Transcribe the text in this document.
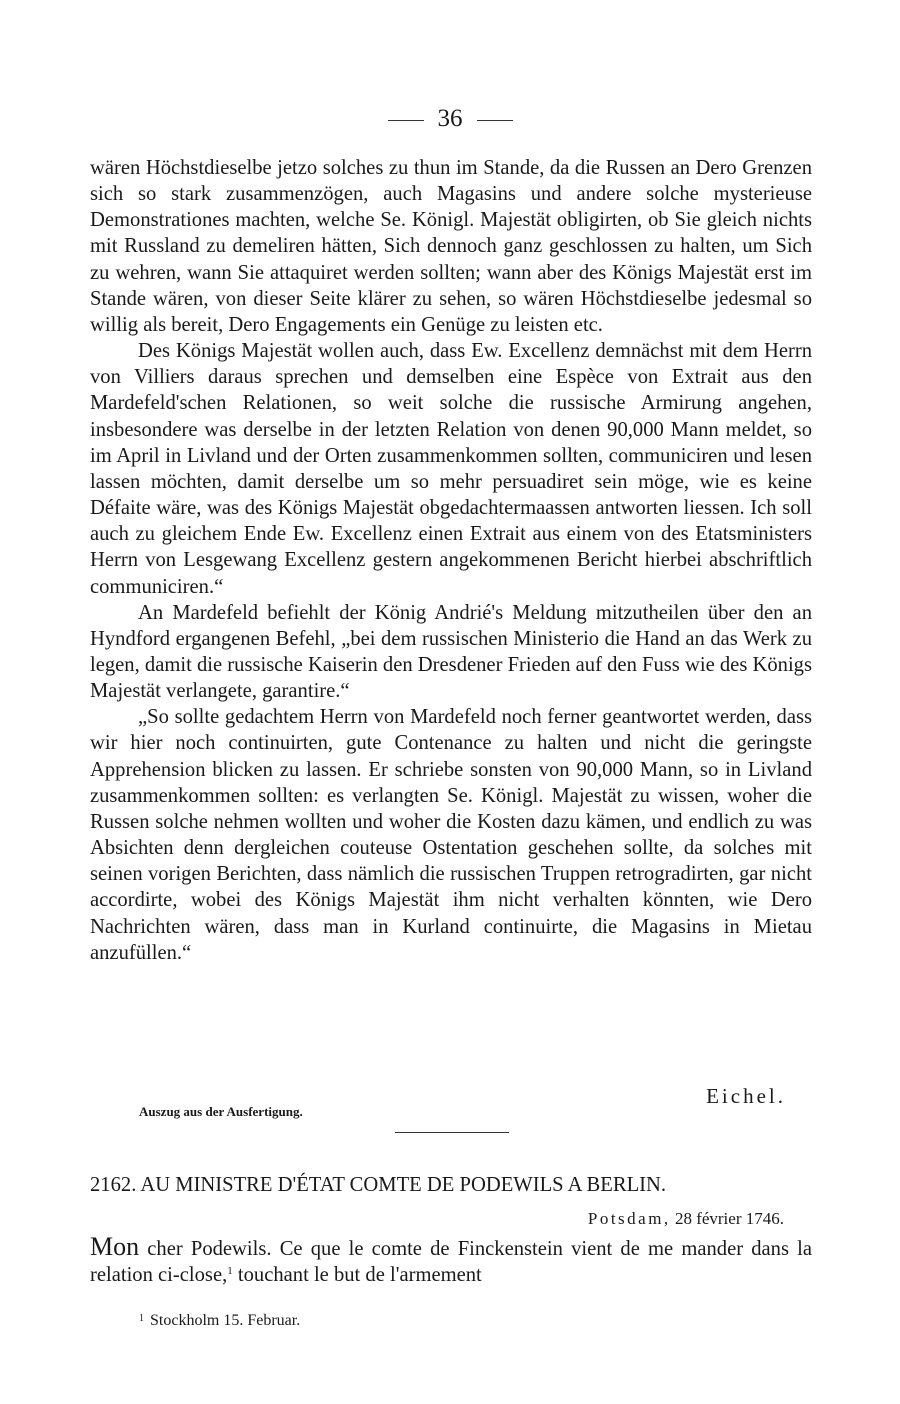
36

wären Höchstdieselbe jetzo solches zu thun im Stande, da die Russen an Dero Grenzen sich so stark zusammenzögen, auch Magasins und andere solche mysterieuse Demonstrationes machten, welche Se. Königl. Majestät obligirten, ob Sie gleich nichts mit Russland zu demeliren hätten, Sich dennoch ganz geschlossen zu halten, um Sich zu wehren, wann Sie attaquiret werden sollten; wann aber des Königs Majestät erst im Stande wären, von dieser Seite klärer zu sehen, so wären Höchstdieselbe jedesmal so willig als bereit, Dero Engagements ein Genüge zu leisten etc.

Des Königs Majestät wollen auch, dass Ew. Excellenz demnächst mit dem Herrn von Villiers daraus sprechen und demselben eine Espèce von Extrait aus den Mardefeld'schen Relationen, so weit solche die russische Armirung angehen, insbesondere was derselbe in der letzten Relation von denen 90,000 Mann meldet, so im April in Livland und der Orten zusammenkommen sollten, communiciren und lesen lassen möchten, damit derselbe um so mehr persuadiret sein möge, wie es keine Défaite wäre, was des Königs Majestät obgedachtermaassen antworten liessen. Ich soll auch zu gleichem Ende Ew. Excellenz einen Extrait aus einem von des Etatsministers Herrn von Lesgewang Excellenz gestern angekommenen Bericht hierbei abschriftlich communiciren.“

An Mardefeld befiehlt der König Andrié's Meldung mitzutheilen über den an Hyndford ergangenen Befehl, „bei dem russischen Ministerio die Hand an das Werk zu legen, damit die russische Kaiserin den Dresdener Frieden auf den Fuss wie des Königs Majestät verlangete, garantire.“

„So sollte gedachtem Herrn von Mardefeld noch ferner geantwortet werden, dass wir hier noch continuirten, gute Contenance zu halten und nicht die geringste Apprehension blicken zu lassen. Er schriebe sonsten von 90,000 Mann, so in Livland zusammenkommen sollten: es verlangten Se. Königl. Majestät zu wissen, woher die Russen solche nehmen wollten und woher die Kosten dazu kämen, und endlich zu was Absichten denn dergleichen couteuse Ostentation geschehen sollte, da solches mit seinen vorigen Berichten, dass nämlich die russischen Truppen retrogradirten, gar nicht accordirte, wobei des Königs Majestät ihm nicht verhalten könnten, wie Dero Nachrichten wären, dass man in Kurland continuirte, die Magasins in Mietau anzufüllen.“

Eichel.
Auszug aus der Ausfertigung.
2162. AU MINISTRE D'ÉTAT COMTE DE PODEWILS A BERLIN.
Potsdam, 28 février 1746.

Mon cher Podewils. Ce que le comte de Finckenstein vient de me mander dans la relation ci-close,$^1$ touchant le but de l'armement

$^1$ Stockholm 15. Februar.
